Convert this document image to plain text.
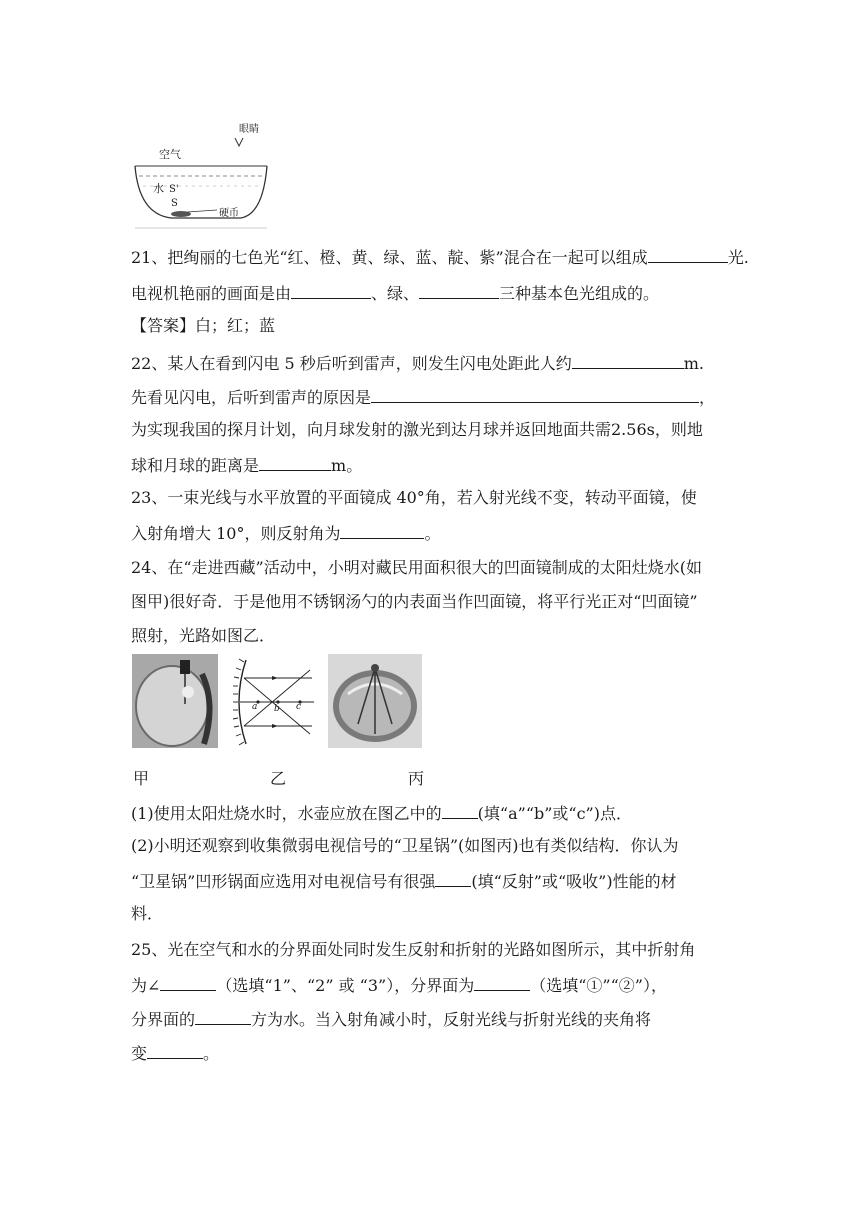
空气
眼睛
水 S'
S
硬币
21、把绚丽的七色光“红、橙、黄、绿、蓝、靛、紫”混合在一起可以组成	光.
电视机艳丽的画面是由	、绿、	三种基本色光组成的。
【答案】白；红；蓝
22、某人在看到闪电 5 秒后听到雷声，则发生闪电处距此人约	m.
先看见闪电，后听到雷声的原因是	，
为实现我国的探月计划，向月球发射的激光到达月球并返回地面共需2.56s，则地
球和月球的距离是	m。
23、一束光线与水平放置的平面镜成 40°角，若入射光线不变，转动平面镜，使
入射角增大 10°，则反射角为	。
24、在“走进西藏”活动中，小明对藏民用面积很大的凹面镜制成的太阳灶烧水(如
图甲)很好奇．于是他用不锈钢汤勺的内表面当作凹面镜，将平行光正对“凹面镜”
照射，光路如图乙．
a b c
甲	乙	丙
(1)使用太阳灶烧水时，水壶应放在图乙中的 (填“a”“b”或“c”)点．
(2)小明还观察到收集微弱电视信号的“卫星锅”(如图丙)也有类似结构．你认为
“卫星锅”凹形锅面应选用对电视信号有很强 (填“反射”或“吸收”)性能的材
料．
25、光在空气和水的分界面处同时发生反射和折射的光路如图所示，其中折射角
为∠	（选填“1”、“2” 或 “3”），分界面为	（选填“①”“②”），
分界面的	方为水。当入射角减小时，反射光线与折射光线的夹角将
变	。
